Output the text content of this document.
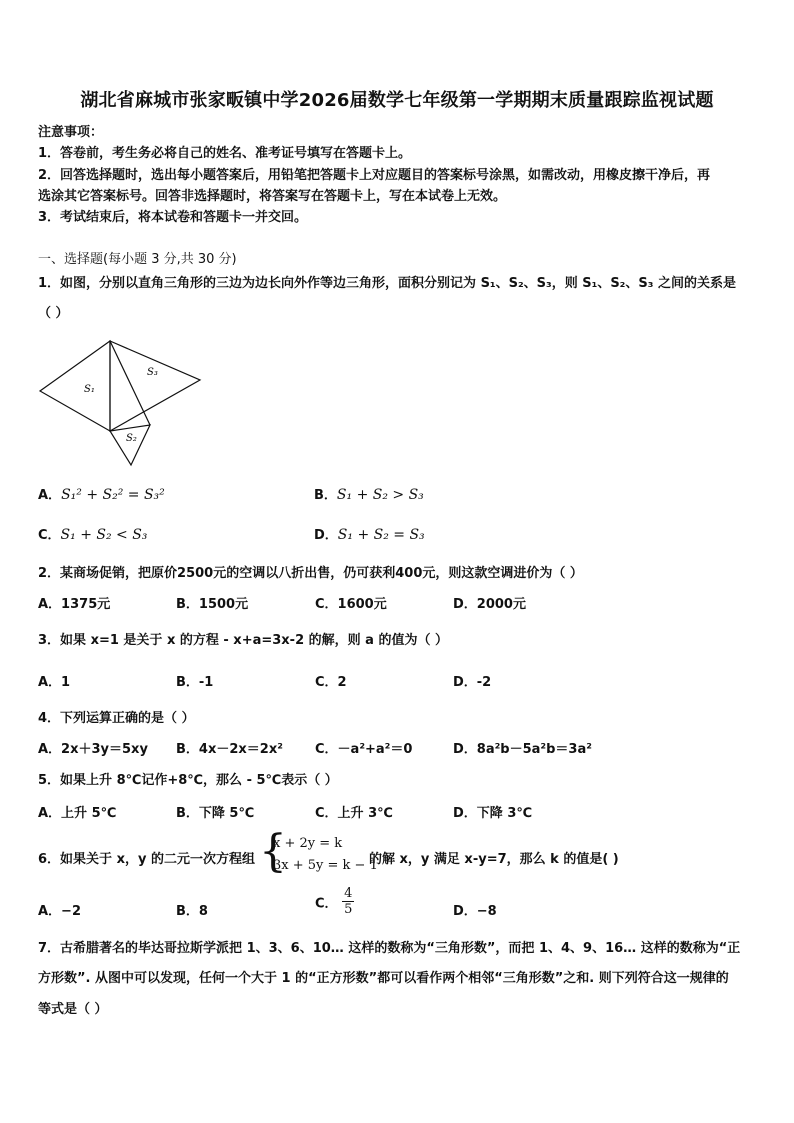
湖北省麻城市张家畈镇中学2026届数学七年级第一学期期末质量跟踪监视试题
注意事项：
1．答卷前，考生务必将自己的姓名、准考证号填写在答题卡上。
2．回答选择题时，选出每小题答案后，用铅笔把答题卡上对应题目的答案标号涂黑，如需改动，用橡皮擦干净后，再
选涂其它答案标号。回答非选择题时，将答案写在答题卡上，写在本试卷上无效。
3．考试结束后，将本试卷和答题卡一并交回。
一、选择题(每小题 3 分,共 30 分)
1．如图，分别以直角三角形的三边为边长向外作等边三角形，面积分别记为 S₁、S₂、S₃，则 S₁、S₂、S₃ 之间的关系是
（ ）
S₁
S₃
S₂
A．S₁² + S₂² = S₃²	B．S₁ + S₂ > S₃
C．S₁ + S₂ < S₃	D．S₁ + S₂ = S₃
2．某商场促销，把原价2500元的空调以八折出售，仍可获利400元，则这款空调进价为（ ）
A．1375元	B．1500元	C．1600元	D．2000元
3．如果 x=1 是关于 x 的方程 - x+a=3x-2 的解，则 a 的值为（ ）
A．1	B．-1	C．2	D．-2
4．下列运算正确的是（ ）
A．2x＋3y＝5xy B．4x－2x＝2x² C．－a²+a²＝0	D．8a²b－5a²b＝3a²
5．如果上升 8℃记作+8℃，那么 - 5℃表示（ ）
A．上升 5℃	B．下降 5℃	C．上升 3℃	D．下降 3℃
6．如果关于 x，y 的二元一次方程组 {
x + 2y = k
3x + 5y = k − 1
的解 x，y 满足 x-y=7，那么 k 的值是( )
A．−2	B．8	C． $\frac{4}{5}$	D．−8
7．古希腊著名的毕达哥拉斯学派把 1、3、6、10… 这样的数称为“三角形数”，而把 1、4、9、16… 这样的数称为“正
方形数”. 从图中可以发现，任何一个大于 1 的“正方形数”都可以看作两个相邻“三角形数”之和. 则下列符合这一规律的
等式是（ ）
